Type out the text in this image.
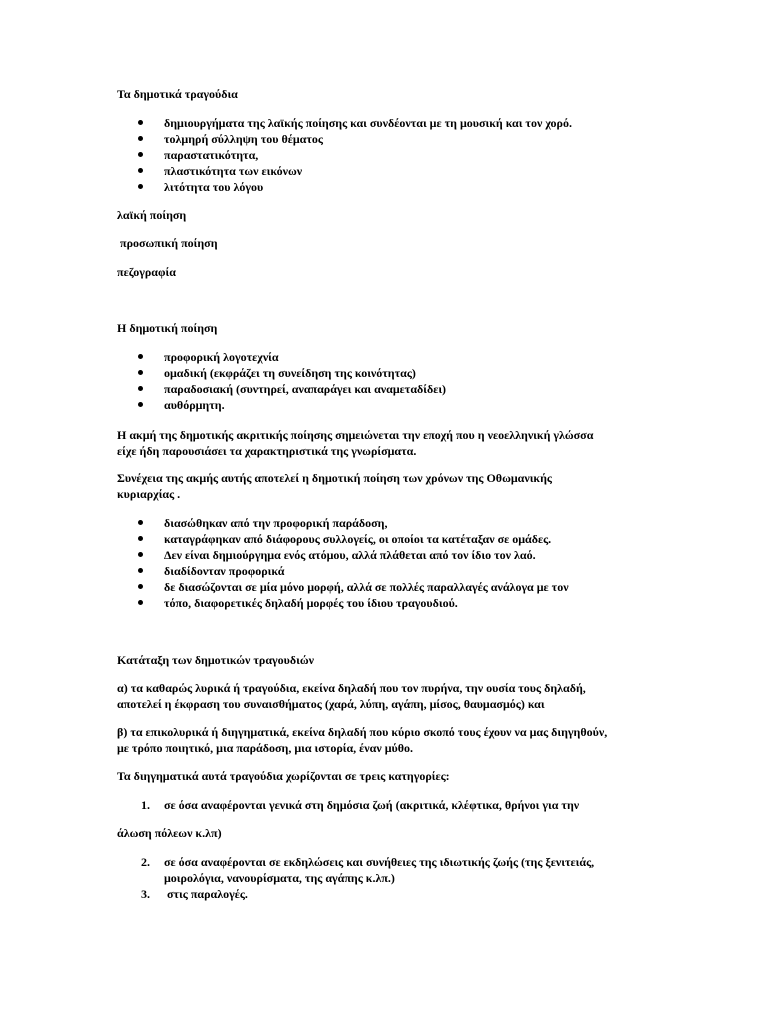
Τα δημοτικά τραγούδια

δημιουργήματα της λαϊκής ποίησης και συνδέονται με τη μουσική και τον χορό.
τολμηρή σύλληψη του θέματος
παραστατικότητα,
πλαστικότητα των εικόνων
λιτότητα του λόγου

λαϊκή ποίηση

προσωπική ποίηση

πεζογραφία

Η δημοτική ποίηση

προφορική λογοτεχνία
ομαδική (εκφράζει τη συνείδηση της κοινότητας)
παραδοσιακή (συντηρεί, αναπαράγει και αναμεταδίδει)
αυθόρμητη.

Η ακμή της δημοτικής ακριτικής ποίησης σημειώνεται την εποχή που η νεοελληνική γλώσσα

είχε ήδη παρουσιάσει τα χαρακτηριστικά της γνωρίσματα.

Συνέχεια της ακμής αυτής αποτελεί η δημοτική ποίηση των χρόνων της Οθωμανικής

κυριαρχίας .

διασώθηκαν από την προφορική παράδοση,
καταγράφηκαν από διάφορους συλλογείς, οι οποίοι τα κατέταξαν σε ομάδες.
Δεν είναι δημιούργημα ενός ατόμου, αλλά πλάθεται από τον ίδιο τον λαό.
διαδίδονταν προφορικά
δε διασώζονται σε μία μόνο μορφή, αλλά σε πολλές παραλλαγές ανάλογα με τον
τόπο, διαφορετικές δηλαδή μορφές του ίδιου τραγουδιού.

Κατάταξη των δημοτικών τραγουδιών

α) τα καθαρώς λυρικά ή τραγούδια, εκείνα δηλαδή που τον πυρήνα, την ουσία τους δηλαδή,

αποτελεί η έκφραση του συναισθήματος (χαρά, λύπη, αγάπη, μίσος, θαυμασμός) και

β) τα επικολυρικά ή διηγηματικά, εκείνα δηλαδή που κύριο σκοπό τους έχουν να μας διηγηθούν,

με τρόπο ποιητικό, μια παράδοση, μια ιστορία, έναν μύθο.

Τα διηγηματικά αυτά τραγούδια χωρίζονται σε τρεις κατηγορίες:

1. σε όσα αναφέρονται γενικά στη δημόσια ζωή (ακριτικά, κλέφτικα, θρήνοι για την

άλωση πόλεων κ.λπ)

2. σε όσα αναφέρονται σε εκδηλώσεις και συνήθειες της ιδιωτικής ζωής (της ξενιτειάς,
μοιρολόγια, νανουρίσματα, της αγάπης κ.λπ.)
3. στις παραλογές.
